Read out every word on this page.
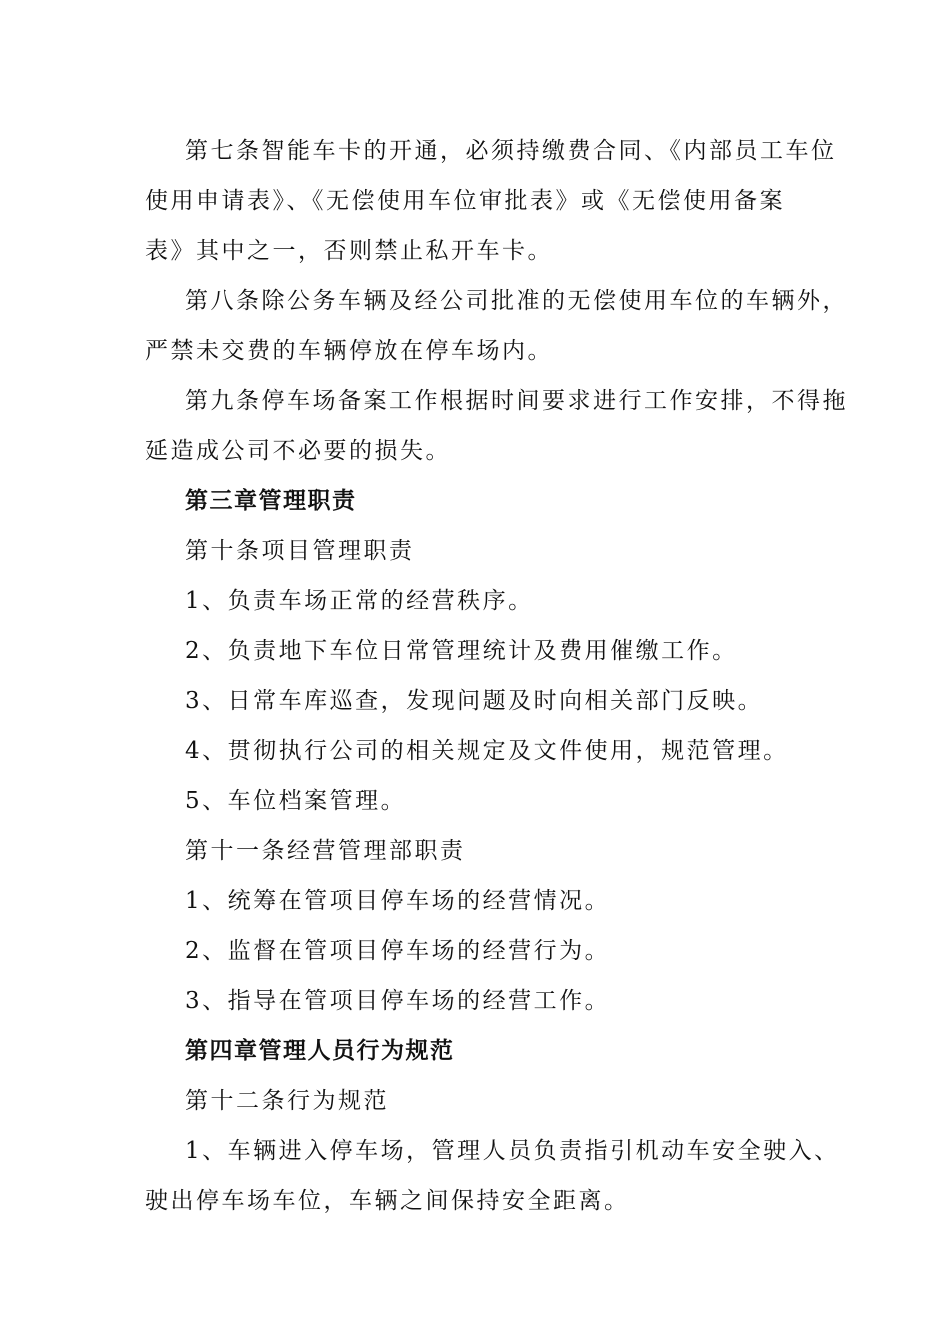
第七条智能车卡的开通，必须持缴费合同、《内部员工车位
使用申请表》、《无偿使用车位审批表》或《无偿使用备案
表》其中之一，否则禁止私开车卡。
第八条除公务车辆及经公司批准的无偿使用车位的车辆外，
严禁未交费的车辆停放在停车场内。
第九条停车场备案工作根据时间要求进行工作安排，不得拖
延造成公司不必要的损失。
第三章管理职责
第十条项目管理职责
1、负责车场正常的经营秩序。
2、负责地下车位日常管理统计及费用催缴工作。
3、日常车库巡查，发现问题及时向相关部门反映。
4、贯彻执行公司的相关规定及文件使用，规范管理。
5、车位档案管理。
第十一条经营管理部职责
1、统筹在管项目停车场的经营情况。
2、监督在管项目停车场的经营行为。
3、指导在管项目停车场的经营工作。
第四章管理人员行为规范
第十二条行为规范
1、车辆进入停车场，管理人员负责指引机动车安全驶入、
驶出停车场车位，车辆之间保持安全距离。
